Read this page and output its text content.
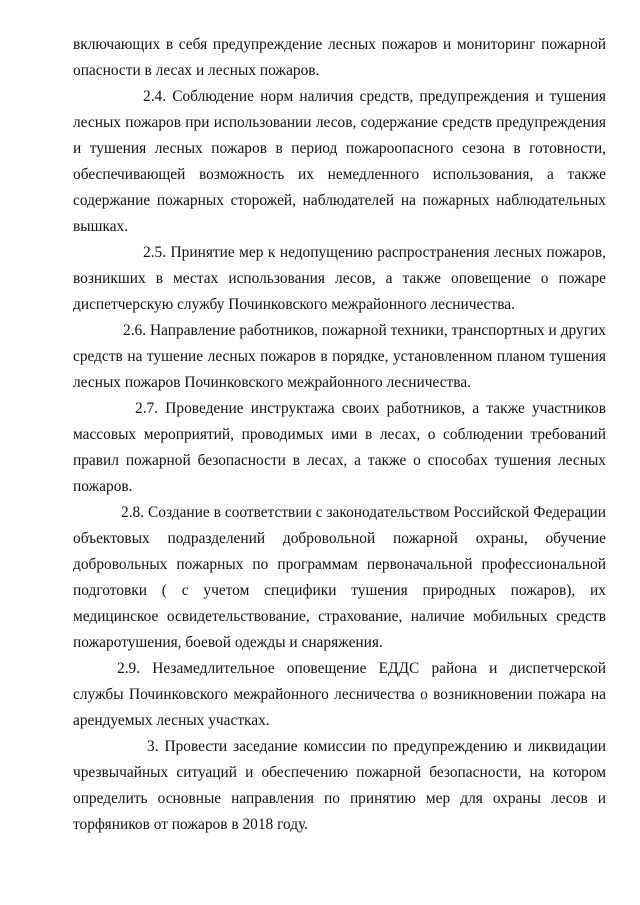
включающих в себя предупреждение лесных пожаров и мониторинг пожарной опасности в лесах и лесных пожаров.

2.4. Соблюдение норм наличия средств, предупреждения и тушения лесных пожаров при использовании лесов, содержание средств предупреждения и тушения лесных пожаров в период пожароопасного сезона в готовности, обеспечивающей возможность их немедленного использования, а также содержание пожарных сторожей, наблюдателей на пожарных наблюдательных вышках.

2.5. Принятие мер к недопущению распространения лесных пожаров, возникших в местах использования лесов, а также оповещение о пожаре диспетчерскую службу Починковского межрайонного лесничества.

2.6. Направление работников, пожарной техники, транспортных и других средств на тушение лесных пожаров в порядке, установленном планом тушения лесных пожаров Починковского межрайонного лесничества.

2.7. Проведение инструктажа своих работников, а также участников массовых мероприятий, проводимых ими в лесах, о соблюдении требований правил пожарной безопасности в лесах, а также о способах тушения лесных пожаров.

2.8. Создание в соответствии с законодательством Российской Федерации объектовых подразделений добровольной пожарной охраны, обучение добровольных пожарных по программам первоначальной профессиональной подготовки ( с учетом специфики тушения природных пожаров), их медицинское освидетельствование, страхование, наличие мобильных средств пожаротушения, боевой одежды и снаряжения.

2.9. Незамедлительное оповещение ЕДДС района и диспетчерской службы Починковского межрайонного лесничества о возникновении пожара на арендуемых лесных участках.

3. Провести заседание комиссии по предупреждению и ликвидации чрезвычайных ситуаций и обеспечению пожарной безопасности, на котором определить основные направления по принятию мер для охраны лесов и торфяников от пожаров в 2018 году.
